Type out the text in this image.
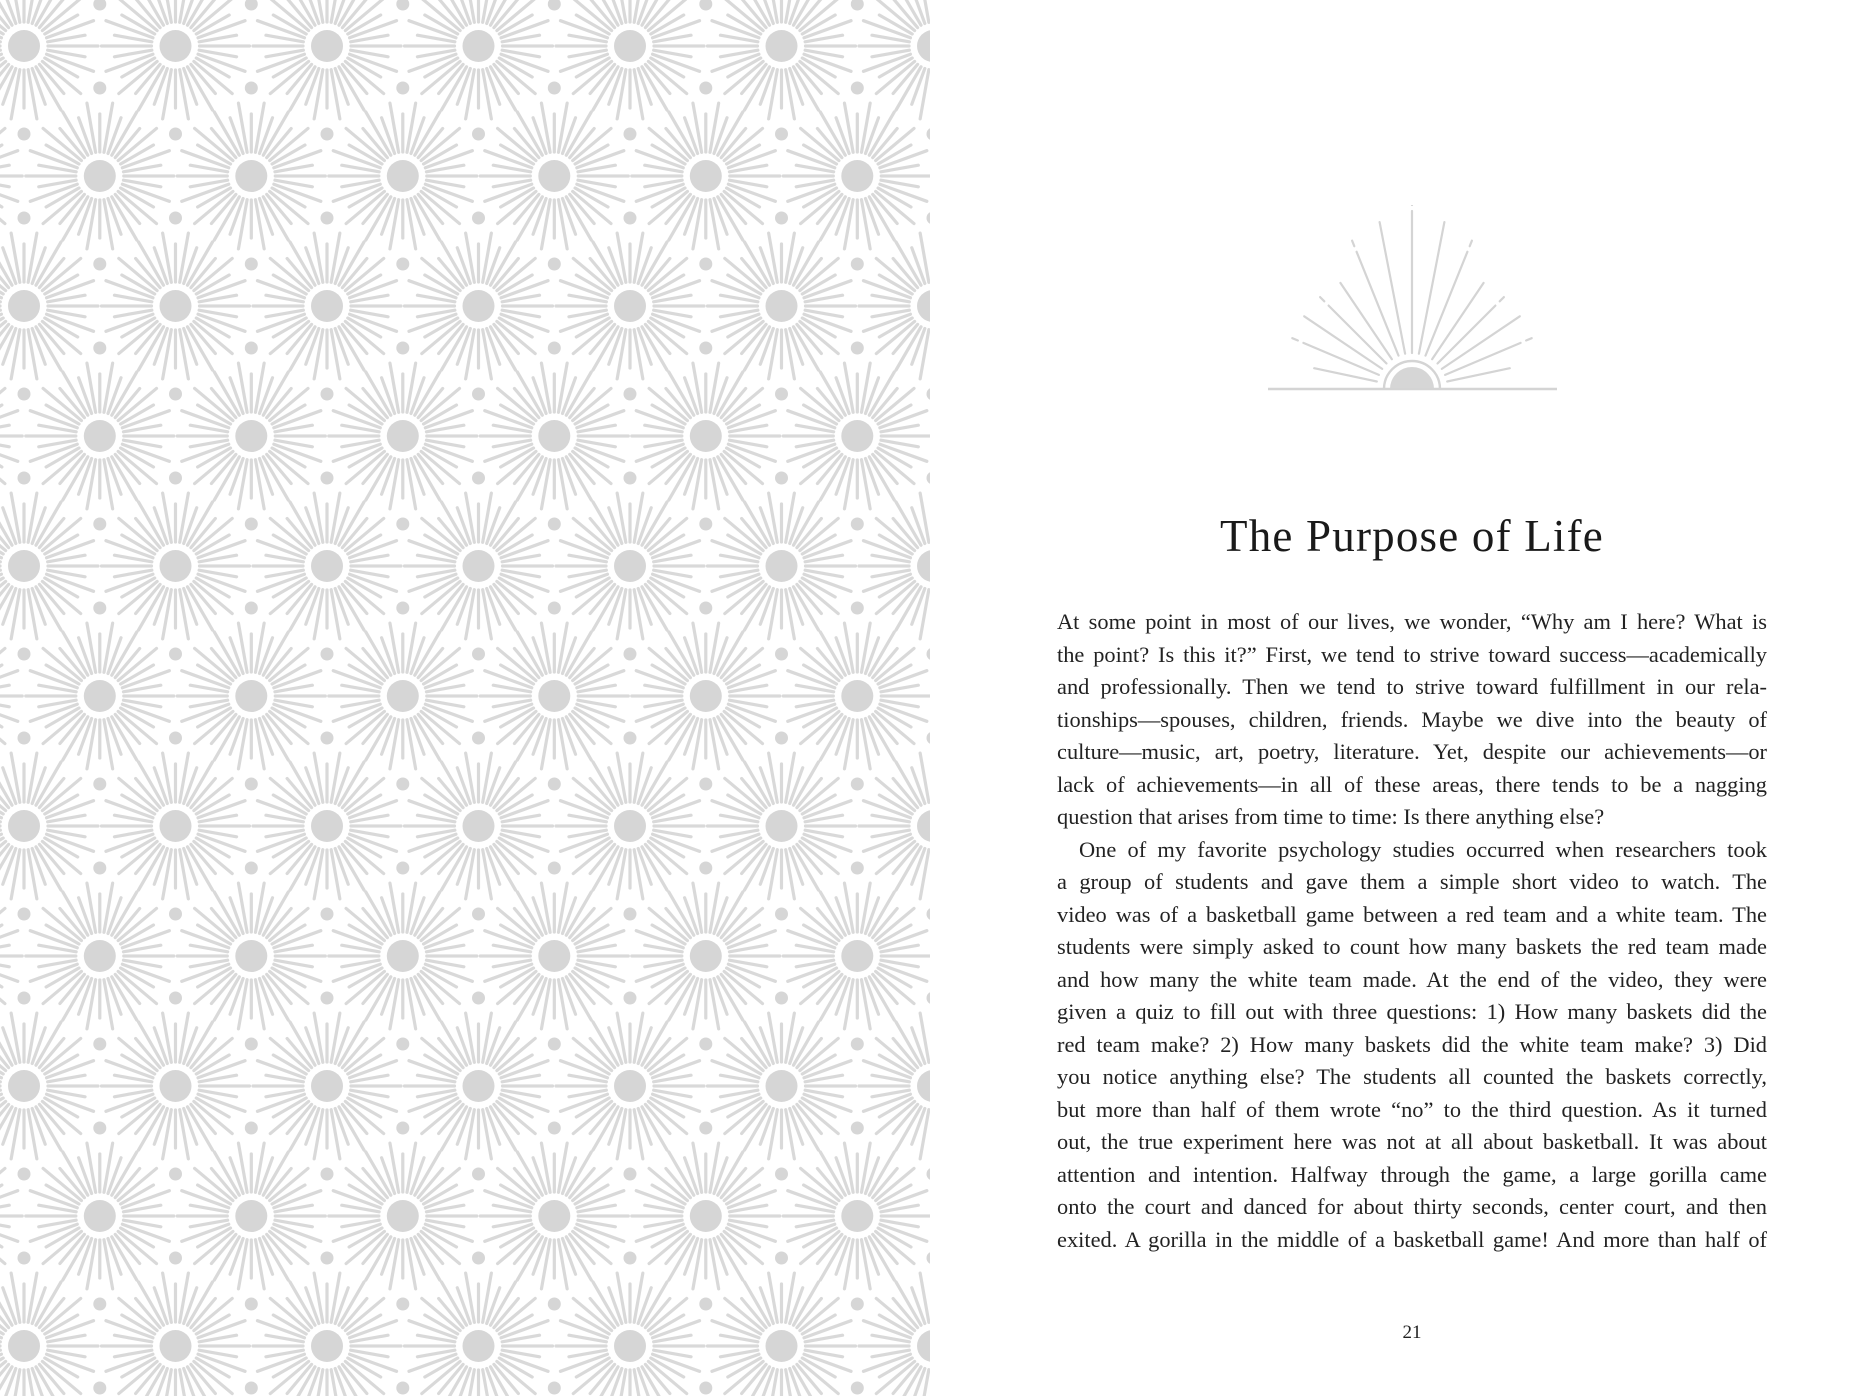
The Purpose of Life
At some point in most of our lives, we wonder, “Why am I here? What is
the point? Is this it?” First, we tend to strive toward success—academically
and professionally. Then we tend to strive toward fulfillment in our rela-
tionships—spouses, children, friends. Maybe we dive into the beauty of
culture—music, art, poetry, literature. Yet, despite our achievements—or
lack of achievements—in all of these areas, there tends to be a nagging
question that arises from time to time: Is there anything else?
One of my favorite psychology studies occurred when researchers took
a group of students and gave them a simple short video to watch. The
video was of a basketball game between a red team and a white team. The
students were simply asked to count how many baskets the red team made
and how many the white team made. At the end of the video, they were
given a quiz to fill out with three questions: 1) How many baskets did the
red team make? 2) How many baskets did the white team make? 3) Did
you notice anything else? The students all counted the baskets correctly,
but more than half of them wrote “no” to the third question. As it turned
out, the true experiment here was not at all about basketball. It was about
attention and intention. Halfway through the game, a large gorilla came
onto the court and danced for about thirty seconds, center court, and then
exited. A gorilla in the middle of a basketball game! And more than half of
21
